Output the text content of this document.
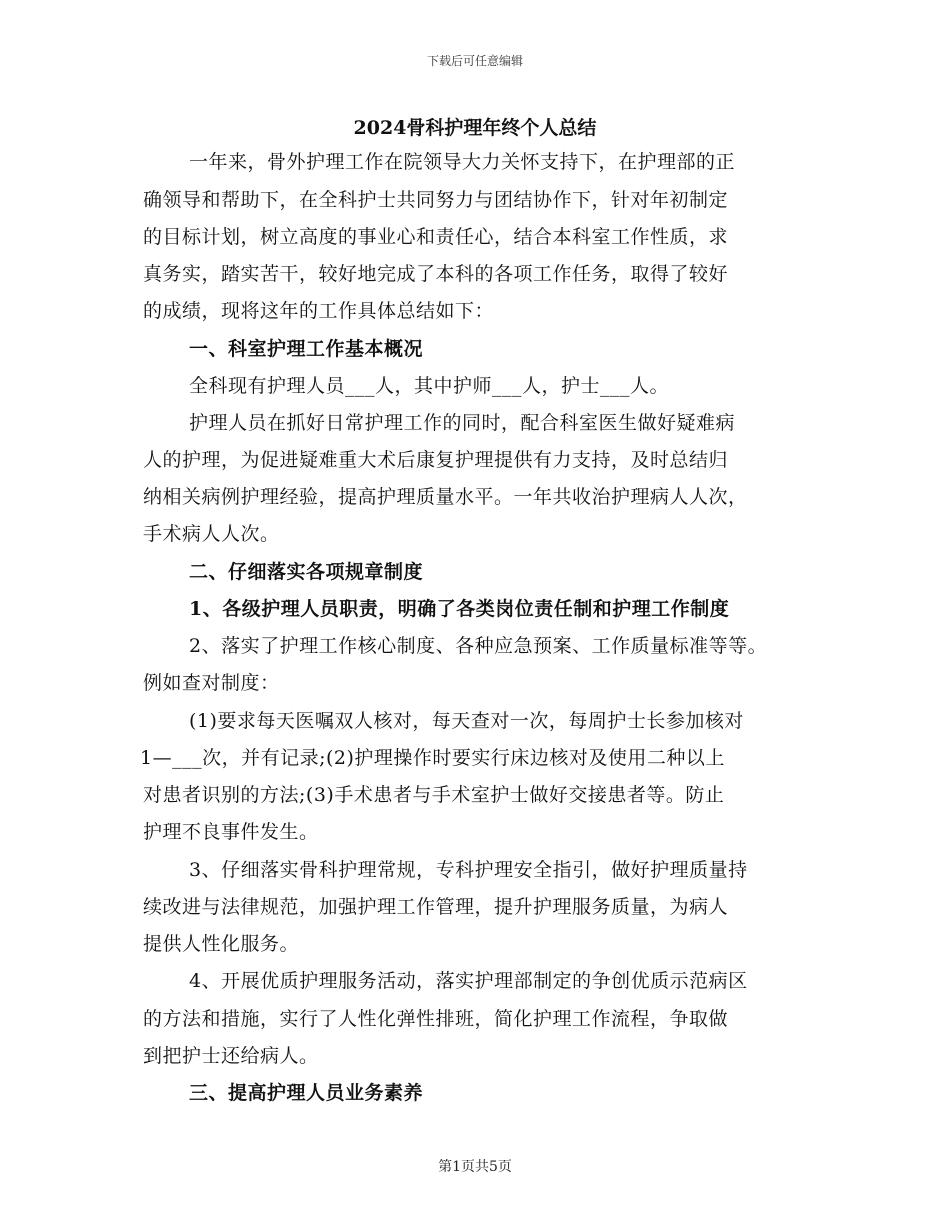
下载后可任意编辑
2024骨科护理年终个人总结
一年来，骨外护理工作在院领导大力关怀支持下，在护理部的正
确领导和帮助下，在全科护士共同努力与团结协作下，针对年初制定
的目标计划，树立高度的事业心和责任心，结合本科室工作性质，求
真务实，踏实苦干，较好地完成了本科的各项工作任务，取得了较好
的成绩，现将这年的工作具体总结如下：
一、科室护理工作基本概况
全科现有护理人员___人，其中护师___人，护士___人。
护理人员在抓好日常护理工作的同时，配合科室医生做好疑难病
人的护理，为促进疑难重大术后康复护理提供有力支持，及时总结归
纳相关病例护理经验，提高护理质量水平。一年共收治护理病人人次，
手术病人人次。
二、仔细落实各项规章制度
1、各级护理人员职责，明确了各类岗位责任制和护理工作制度
2、落实了护理工作核心制度、各种应急预案、工作质量标准等等。
例如查对制度：
(1)要求每天医嘱双人核对，每天查对一次，每周护士长参加核对
1—___次，并有记录;(2)护理操作时要实行床边核对及使用二种以上
对患者识别的方法;(3)手术患者与手术室护士做好交接患者等。防止
护理不良事件发生。
3、仔细落实骨科护理常规，专科护理安全指引，做好护理质量持
续改进与法律规范，加强护理工作管理，提升护理服务质量，为病人
提供人性化服务。
4、开展优质护理服务活动，落实护理部制定的争创优质示范病区
的方法和措施，实行了人性化弹性排班，简化护理工作流程，争取做
到把护士还给病人。
三、提高护理人员业务素养
第1页共5页
